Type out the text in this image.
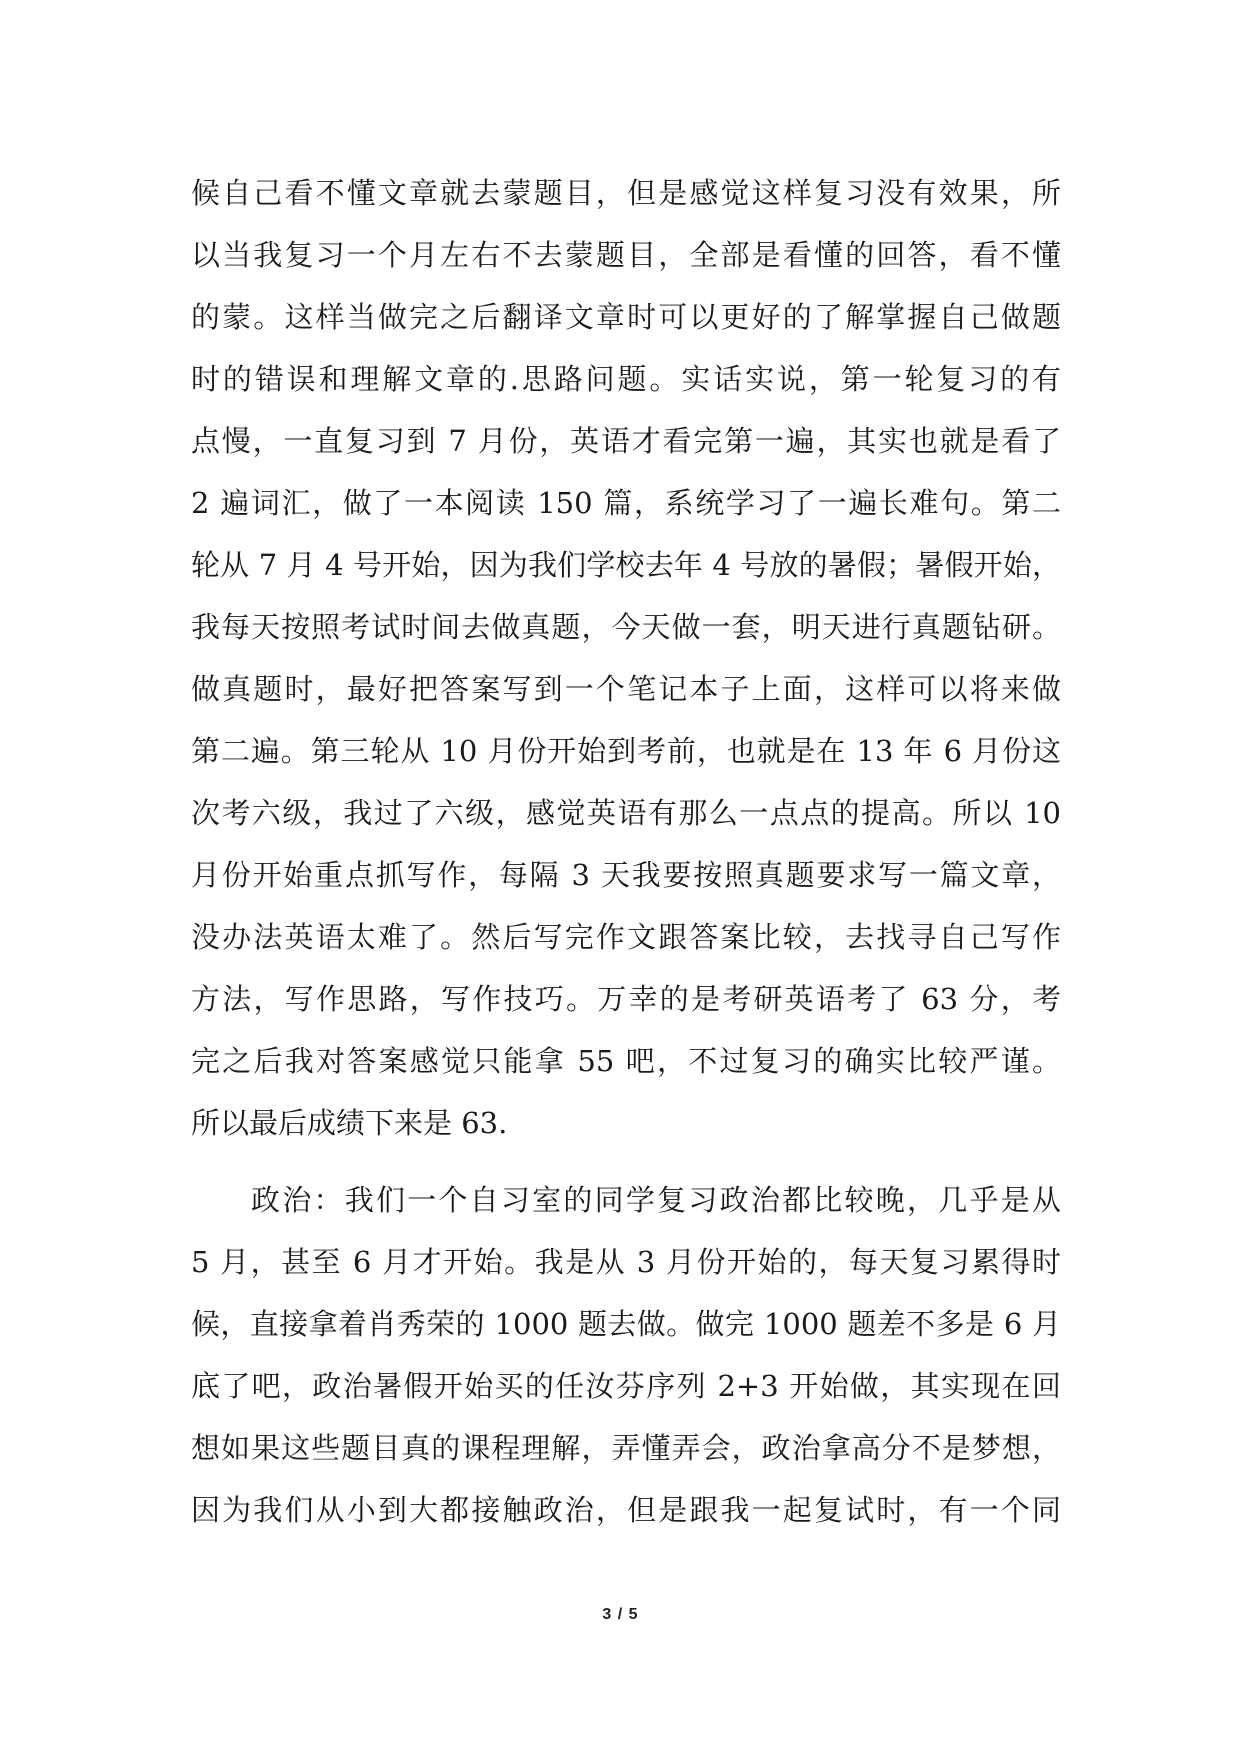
候自己看不懂文章就去蒙题目，但是感觉这样复习没有效果，所
以当我复习一个月左右不去蒙题目，全部是看懂的回答，看不懂
的蒙。这样当做完之后翻译文章时可以更好的了解掌握自己做题
时的错误和理解文章的.思路问题。实话实说，第一轮复习的有
点慢，一直复习到 7 月份，英语才看完第一遍，其实也就是看了
2 遍词汇，做了一本阅读 150 篇，系统学习了一遍长难句。第二
轮从 7 月 4 号开始，因为我们学校去年 4 号放的暑假；暑假开始，
我每天按照考试时间去做真题，今天做一套，明天进行真题钻研。
做真题时，最好把答案写到一个笔记本子上面，这样可以将来做
第二遍。第三轮从 10 月份开始到考前，也就是在 13 年 6 月份这
次考六级，我过了六级，感觉英语有那么一点点的提高。所以 10
月份开始重点抓写作，每隔 3 天我要按照真题要求写一篇文章，
没办法英语太难了。然后写完作文跟答案比较，去找寻自己写作
方法，写作思路，写作技巧。万幸的是考研英语考了 63 分，考
完之后我对答案感觉只能拿 55 吧，不过复习的确实比较严谨。
所以最后成绩下来是 63.
政治：我们一个自习室的同学复习政治都比较晚，几乎是从
5 月，甚至 6 月才开始。我是从 3 月份开始的，每天复习累得时
候，直接拿着肖秀荣的 1000 题去做。做完 1000 题差不多是 6 月
底了吧，政治暑假开始买的任汝芬序列 2+3 开始做，其实现在回
想如果这些题目真的课程理解，弄懂弄会，政治拿高分不是梦想，
因为我们从小到大都接触政治，但是跟我一起复试时，有一个同
3 / 5
